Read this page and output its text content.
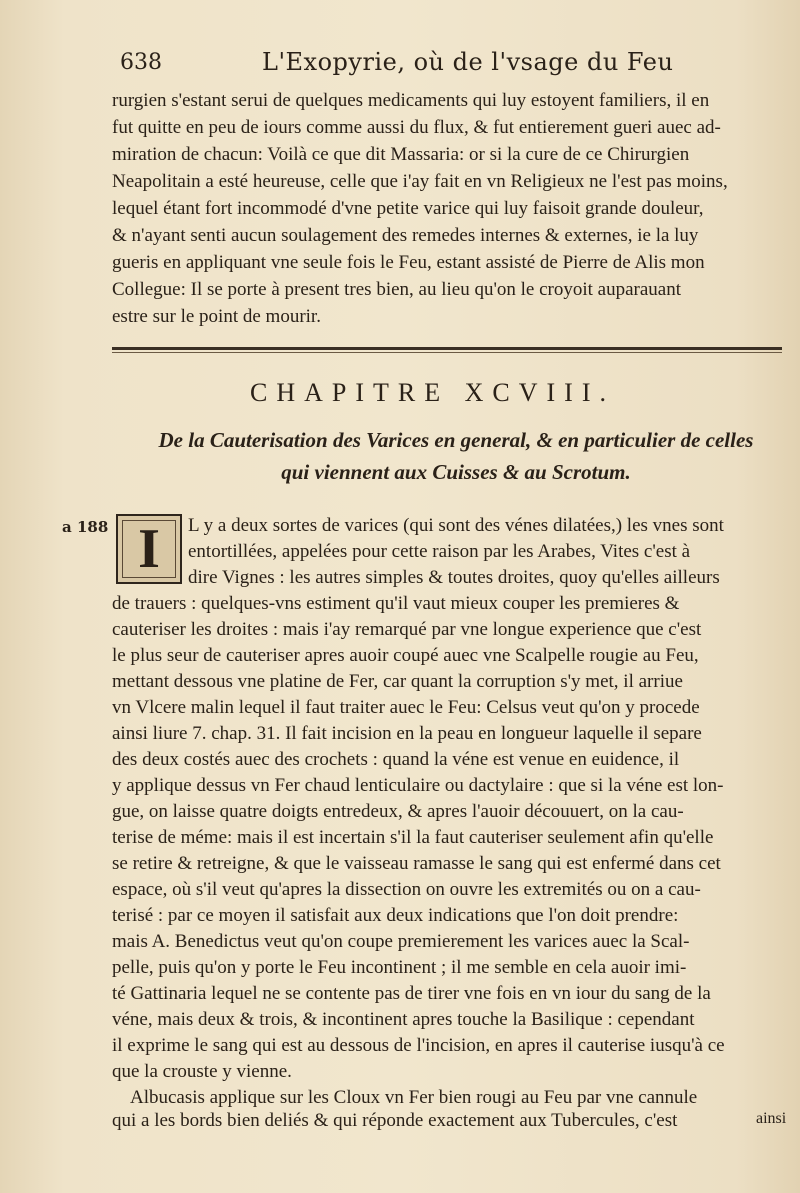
638	L'Exopyrie, où de l'vsage du Feu
rurgien s'estant serui de quelques medicaments qui luy estoyent familiers, il en
fut quitte en peu de iours comme aussi du flux, & fut entierement gueri auec ad-
miration de chacun: Voilà ce que dit Massaria: or si la cure de ce Chirurgien
Neapolitain a esté heureuse, celle que i'ay fait en vn Religieux ne l'est pas moins,
lequel étant fort incommodé d'vne petite varice qui luy faisoit grande douleur,
& n'ayant senti aucun soulagement des remedes internes & externes, ie la luy
gueris en appliquant vne seule fois le Feu, estant assisté de Pierre de Alis mon
Collegue: Il se porte à present tres bien, au lieu qu'on le croyoit auparauant
estre sur le point de mourir.
CHAPITRE XCVIII.
De la Cauterisation des Varices en general, & en particulier de celles
qui viennent aux Cuisses & au Scrotum.
a 188 I	L y a deux sortes de varices (qui sont des vénes dilatées,) les vnes sont
entortillées, appelées pour cette raison par les Arabes, Vites c'est à
dire Vignes : les autres simples & toutes droites, quoy qu'elles ailleurs
de trauers : quelques-vns estiment qu'il vaut mieux couper les premieres &
cauteriser les droites : mais i'ay remarqué par vne longue experience que c'est
le plus seur de cauteriser apres auoir coupé auec vne Scalpelle rougie au Feu,
mettant dessous vne platine de Fer, car quant la corruption s'y met, il arriue
vn Vlcere malin lequel il faut traiter auec le Feu: Celsus veut qu'on y procede
ainsi liure 7. chap. 31. Il fait incision en la peau en longueur laquelle il separe
des deux costés auec des crochets : quand la véne est venue en euidence, il
y applique dessus vn Fer chaud lenticulaire ou dactylaire : que si la véne est lon-
gue, on laisse quatre doigts entredeux, & apres l'auoir découuert, on la cau-
terise de méme: mais il est incertain s'il la faut cauteriser seulement afin qu'elle
se retire & retreigne, & que le vaisseau ramasse le sang qui est enfermé dans cet
espace, où s'il veut qu'apres la dissection on ouvre les extremités ou on a cau-
terisé : par ce moyen il satisfait aux deux indications que l'on doit prendre:
mais A. Benedictus veut qu'on coupe premierement les varices auec la Scal-
pelle, puis qu'on y porte le Feu incontinent ; il me semble en cela auoir imi-
té Gattinaria lequel ne se contente pas de tirer vne fois en vn iour du sang de la
véne, mais deux & trois, & incontinent apres touche la Basilique : cependant
il exprime le sang qui est au dessous de l'incision, en apres il cauterise iusqu'à ce
que la crouste y vienne.
Albucasis applique sur les Cloux vn Fer bien rougi au Feu par vne cannule
qui a les bords bien deliés & qui réponde exactement aux Tubercules, c'est	ainsi
